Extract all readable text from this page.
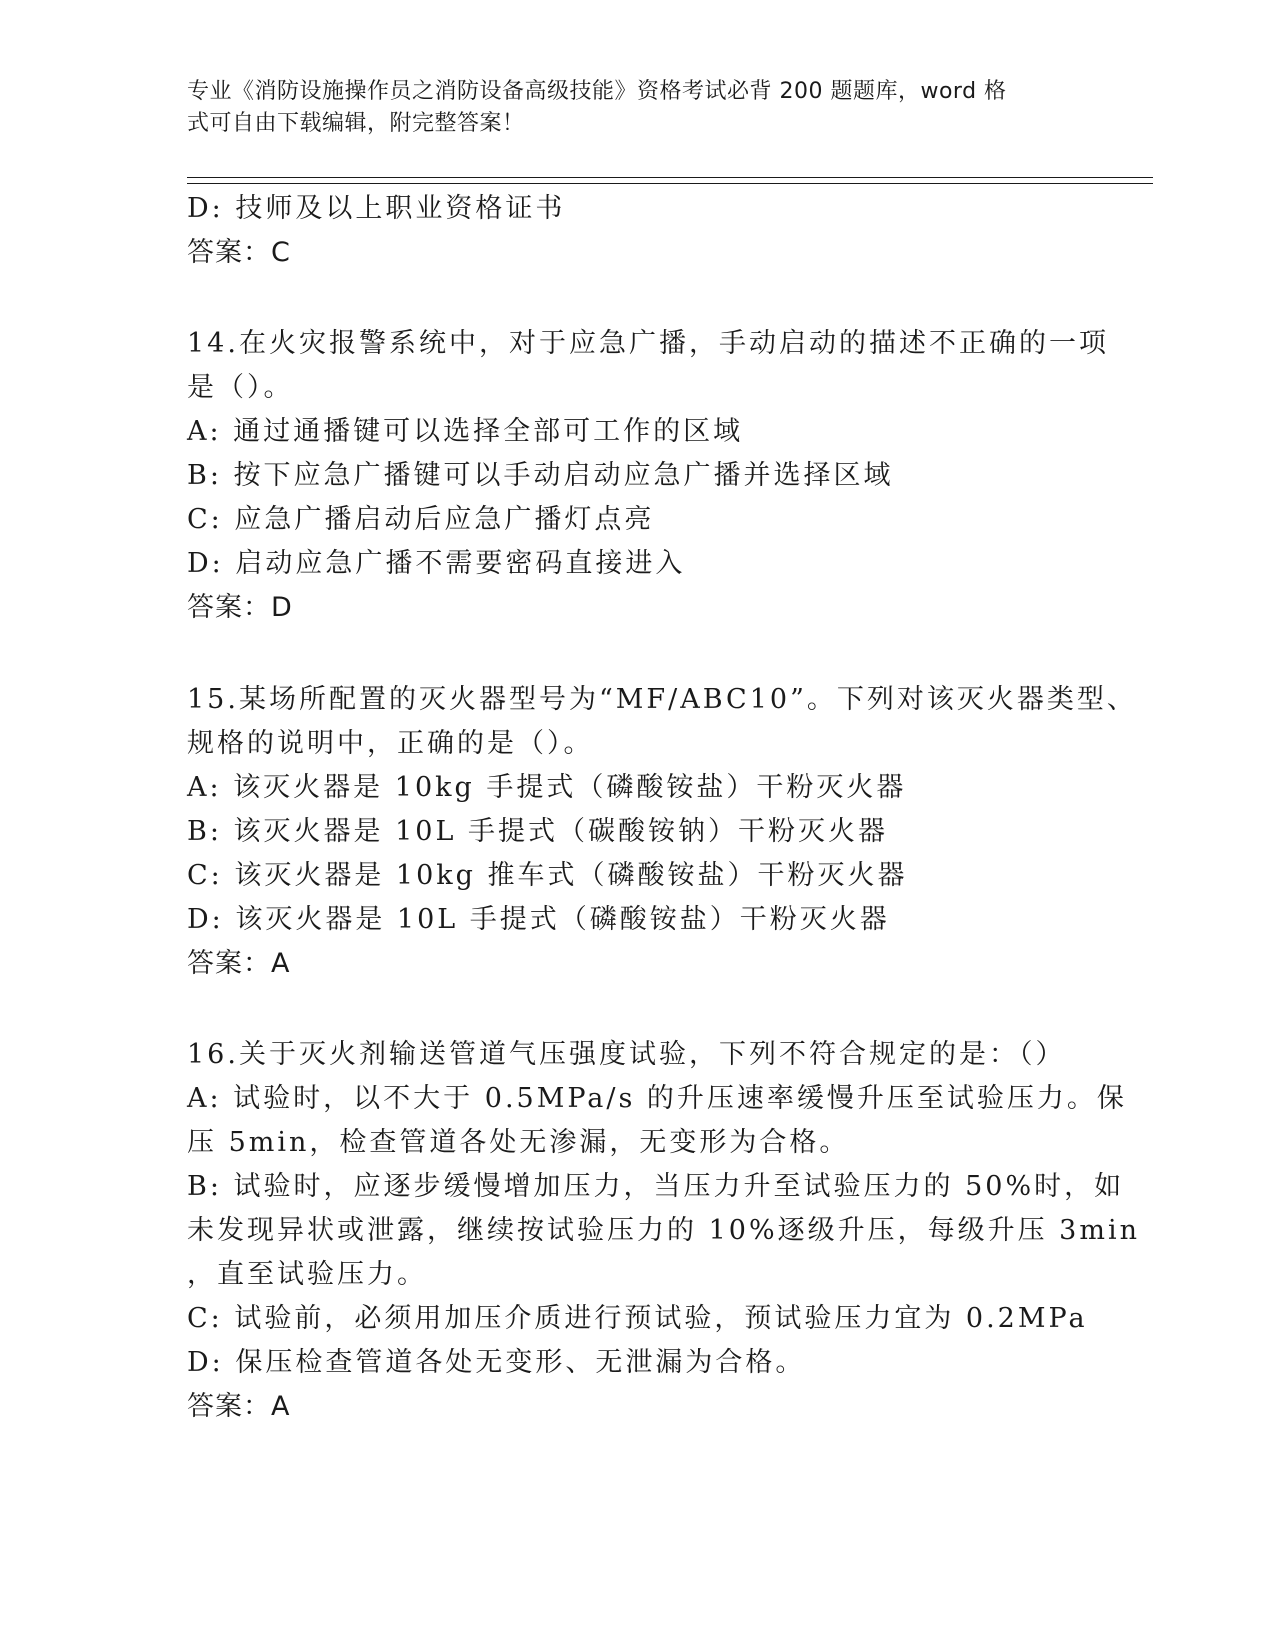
专业《消防设施操作员之消防设备高级技能》资格考试必背 200 题题库，word 格
式可自由下载编辑，附完整答案！
D: 技师及以上职业资格证书
答案：C
14.在火灾报警系统中，对于应急广播，手动启动的描述不正确的一项
是（）。
A: 通过通播键可以选择全部可工作的区域
B: 按下应急广播键可以手动启动应急广播并选择区域
C: 应急广播启动后应急广播灯点亮
D: 启动应急广播不需要密码直接进入
答案：D
15.某场所配置的灭火器型号为“MF/ABC10”。下列对该灭火器类型、
规格的说明中，正确的是（）。
A: 该灭火器是 10kg 手提式（磷酸铵盐）干粉灭火器
B: 该灭火器是 10L 手提式（碳酸铵钠）干粉灭火器
C: 该灭火器是 10kg 推车式（磷酸铵盐）干粉灭火器
D: 该灭火器是 10L 手提式（磷酸铵盐）干粉灭火器
答案：A
16.关于灭火剂输送管道气压强度试验，下列不符合规定的是：（）
A: 试验时，以不大于 0.5MPa/s 的升压速率缓慢升压至试验压力。保
压 5min，检查管道各处无渗漏，无变形为合格。
B: 试验时，应逐步缓慢增加压力，当压力升至试验压力的 50%时，如
未发现异状或泄露，继续按试验压力的 10%逐级升压，每级升压 3min
，直至试验压力。
C: 试验前，必须用加压介质进行预试验，预试验压力宜为 0.2MPa
D: 保压检查管道各处无变形、无泄漏为合格。
答案：A
